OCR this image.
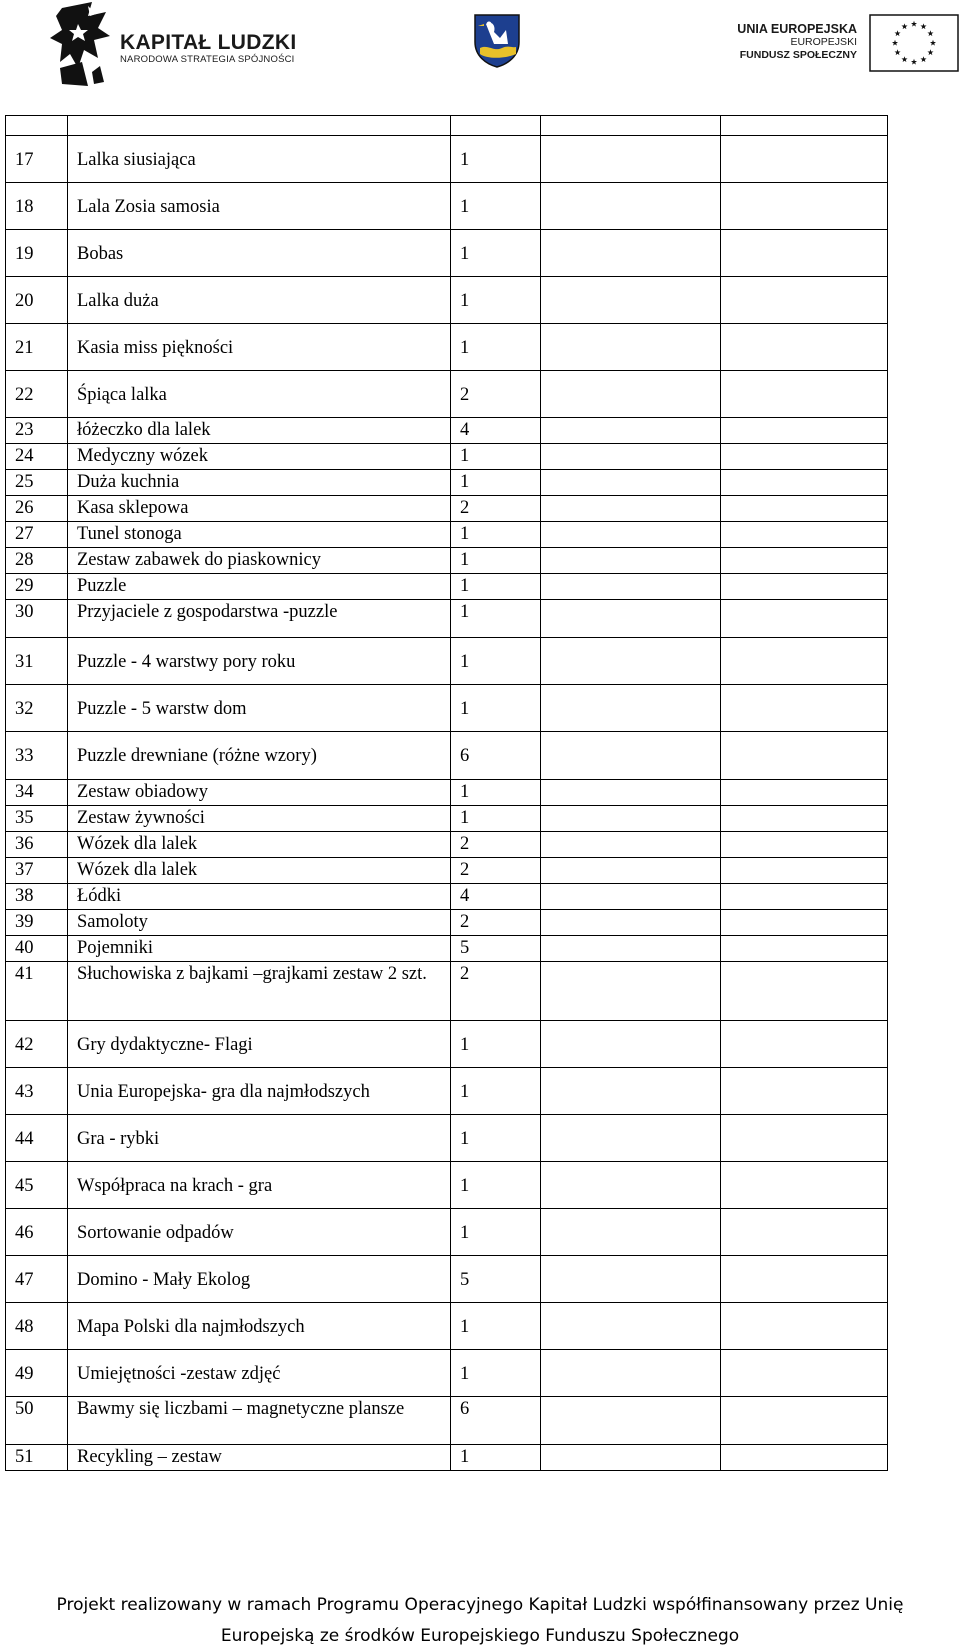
KAPITAŁ LUDZKI
NARODOWA STRATEGIA SPÓJNOŚCI
UNIA EUROPEJSKA
EUROPEJSKI
FUNDUSZ SPOŁECZNY

17	Lalka siusiająca	1		

18	Lala Zosia samosia	1		

19	Bobas	1		

20	Lalka duża	1		

21	Kasia miss piękności	1		

22	Śpiąca lalka	2		

23	łóżeczko dla lalek	4		

24	Medyczny wózek	1		

25	Duża kuchnia	1		

26	Kasa sklepowa	2		

27	Tunel stonoga	1		

28	Zestaw zabawek do piaskownicy	1		

29	Puzzle	1		

30	Przyjaciele z gospodarstwa -puzzle	1		

31	Puzzle - 4 warstwy pory roku	1		

32	Puzzle - 5 warstw dom	1		

33	Puzzle drewniane (różne wzory)	6		

34	Zestaw obiadowy	1		

35	Zestaw żywności	1		

36	Wózek dla lalek	2		

37	Wózek dla lalek	2		

38	Łódki	4		

39	Samoloty	2		

40	Pojemniki	5		

41	Słuchowiska z bajkami –grajkami zestaw 2 szt.	2		

42	Gry dydaktyczne- Flagi	1		

43	Unia Europejska- gra dla najmłodszych	1		

44	Gra - rybki	1		

45	Współpraca na krach - gra	1		

46	Sortowanie odpadów	1		

47	Domino - Mały Ekolog	5		

48	Mapa Polski dla najmłodszych	1		

49	Umiejętności -zestaw zdjęć	1		

50	Bawmy się liczbami – magnetyczne plansze	6		

51	Recykling – zestaw	1		

Projekt realizowany w ramach Programu Operacyjnego Kapitał Ludzki współfinansowany przez Unię
Europejską ze środków Europejskiego Funduszu Społecznego
